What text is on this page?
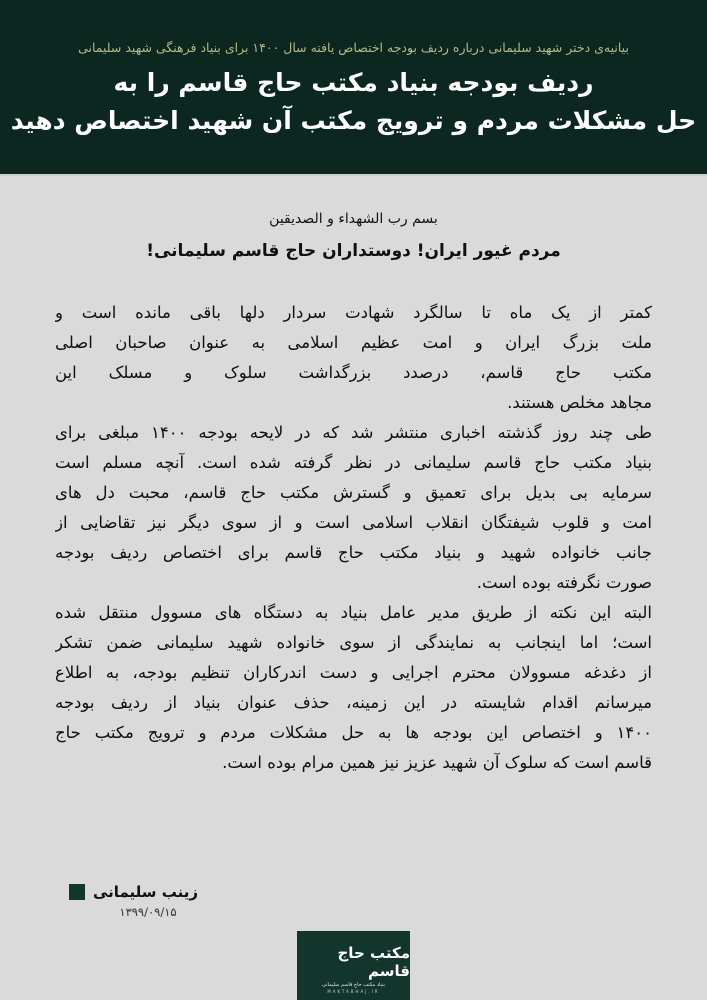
بیانیه‌ی دختر شهید سلیمانی درباره ردیف بودجه اختصاص یافته سال ۱۴۰۰ برای بنیاد فرهنگی شهید سلیمانی
ردیف بودجه بنیاد مکتب حاج قاسم را به
حل مشکلات مردم و ترویج مکتب آن شهید اختصاص دهید
بسم رب الشهداء و الصدیقین
مردم غیور ایران! دوستداران حاج قاسم سلیمانی!
کمتر از یک ماه تا سالگرد شهادت سردار دلها باقی مانده است و
ملت بزرگ ایران و امت عظیم اسلامی به عنوان صاحبان اصلی
مکتب حاج قاسم، درصدد بزرگداشت سلوک و مسلک این
مجاهد مخلص هستند.
طی چند روز گذشته اخباری منتشر شد که در لایحه بودجه ۱۴۰۰ مبلغی برای
بنیاد مکتب حاج قاسم سلیمانی در نظر گرفته شده است. آنچه مسلم است
سرمایه بی بدیل برای تعمیق و گسترش مکتب حاج قاسم، محبت دل های
امت و قلوب شیفتگان انقلاب اسلامی است و از سوی دیگر نیز تقاضایی از
جانب خانواده شهید و بنیاد مکتب حاج قاسم برای اختصاص ردیف بودجه
صورت نگرفته بوده است.
البته این نکته از طریق مدیر عامل بنیاد به دستگاه های مسوول منتقل شده
است؛ اما اینجانب به نمایندگی از سوی خانواده شهید سلیمانی ضمن تشکر
از دغدغه مسوولان محترم اجرایی و دست اندرکاران تنظیم بودجه، به اطلاع
میرسانم اقدام شایسته در این زمینه، حذف عنوان بنیاد از ردیف بودجه
۱۴۰۰ و اختصاص این بودجه ها به حل مشکلات مردم و ترویج مکتب حاج
قاسم است که سلوک آن شهید عزیز نیز همین مرام بوده است.
زینب سلیمانی
۱۳۹۹/۰۹/۱۵
مکتب حاج قاسم
بنیاد مکتب حاج قاسم سلیمانی
MAKTABHAJ.IR
